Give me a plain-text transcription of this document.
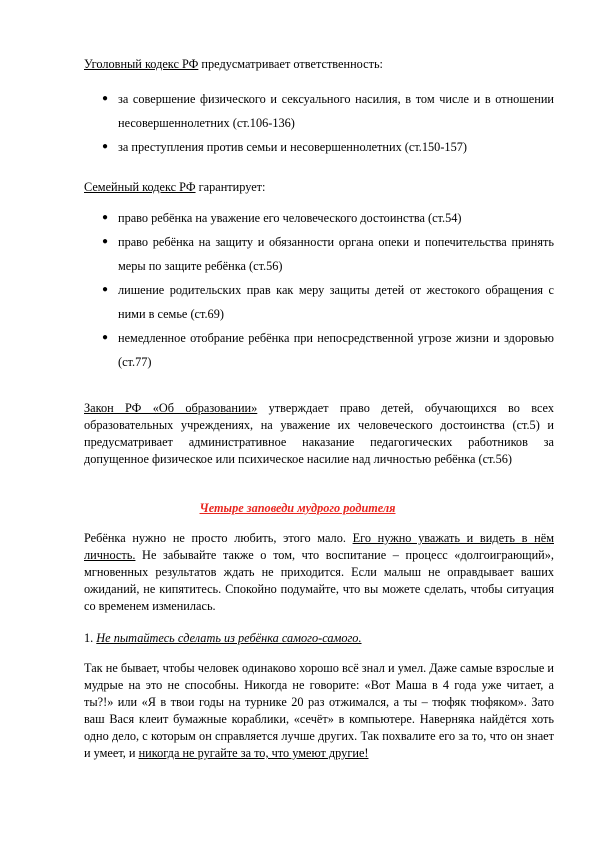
Уголовный кодекс РФ предусматривает ответственность:
● за совершение физического и сексуального насилия, в том числе и в отношении несовершеннолетних (ст.106-136)
● за преступления против семьи и несовершеннолетних (ст.150-157)
Семейный кодекс РФ гарантирует:
● право ребёнка на уважение его человеческого достоинства (ст.54)
● право ребёнка на защиту и обязанности органа опеки и попечительства принять меры по защите ребёнка (ст.56)
● лишение родительских прав как меру защиты детей от жестокого обращения с ними в семье (ст.69)
● немедленное отобрание ребёнка при непосредственной угрозе жизни и здоровью (ст.77)
Закон РФ «Об образовании» утверждает право детей, обучающихся во всех образовательных учреждениях, на уважение их человеческого достоинства (ст.5) и предусматривает административное наказание педагогических работников за допущенное физическое или психическое насилие над личностью ребёнка (ст.56)
Четыре заповеди мудрого родителя
Ребёнка нужно не просто любить, этого мало. Его нужно уважать и видеть в нём личность. Не забывайте также о том, что воспитание – процесс «долгоиграющий», мгновенных результатов ждать не приходится. Если малыш не оправдывает ваших ожиданий, не кипятитесь. Спокойно подумайте, что вы можете сделать, чтобы ситуация со временем изменилась.
1. Не пытайтесь сделать из ребёнка самого-самого.
Так не бывает, чтобы человек одинаково хорошо всё знал и умел. Даже самые взрослые и мудрые на это не способны. Никогда не говорите: «Вот Маша в 4 года уже читает, а ты?!» или «Я в твои годы на турнике 20 раз отжимался, а ты – тюфяк тюфяком». Зато ваш Вася клеит бумажные кораблики, «сечёт» в компьютере. Наверняка найдётся хоть одно дело, с которым он справляется лучше других. Так похвалите его за то, что он знает и умеет, и никогда не ругайте за то, что умеют другие!
